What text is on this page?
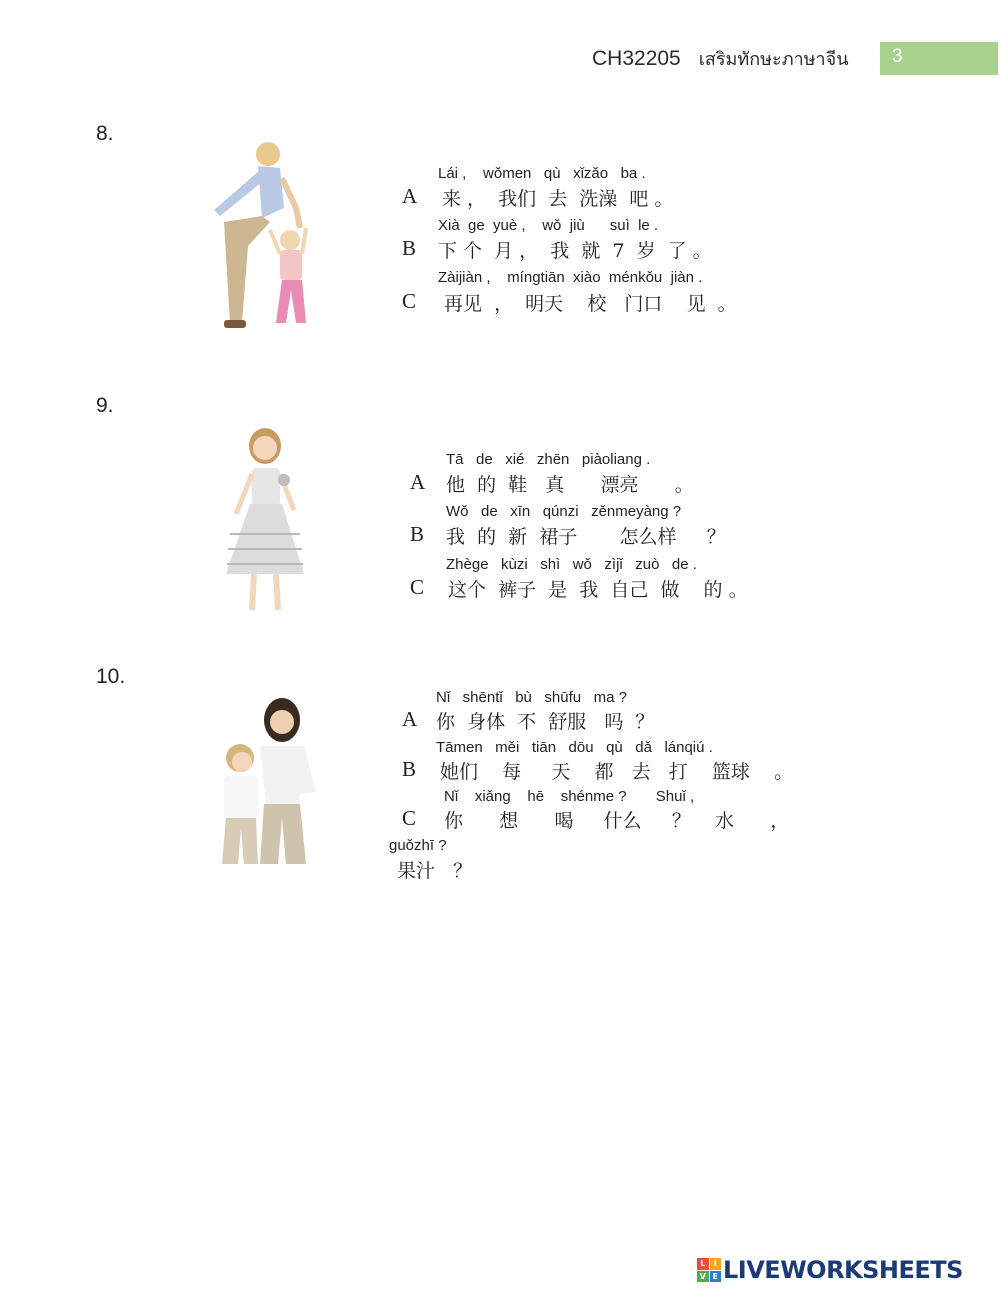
CH32205 เสริมทักษะภาษาจีน 3
8.
Lái ,    wǒmen   qù   xǐzǎo   ba .
A 来 ，  我们  去  洗澡  吧 。
Xià  ge  yuè ,    wǒ  jiù      suì  le .
B 下 个  月 ，  我  就  7  岁  了 。
Zàijiàn ,    míngtiān  xiào  ménkǒu  jiàn .
C 再见  ，  明天    校   门口    见  。
9.
Tā   de   xié   zhēn   piàoliang .
A 他  的  鞋   真      漂亮      。
Wǒ   de   xīn   qúnzi   zěnmeyàng ?
B 我  的  新  裙子       怎么样     ？
Zhège   kùzi   shì   wǒ   zìjǐ   zuò   de .
C 这个  裤子  是  我  自己  做    的 。
10.
Nǐ   shēntǐ   bù   shūfu   ma ?
A 你  身体  不  舒服   吗  ？
Tāmen   měi   tiān   dōu   qù   dǎ   lánqiú .
B 她们    每     天    都   去   打    篮球    。
Nǐ    xiǎng    hē    shénme ?       Shuǐ ,
C 你      想      喝     什么     ？    水      ，
guǒzhī ?
果汁   ？
L	I
V E LIVEWORKSHEETS
